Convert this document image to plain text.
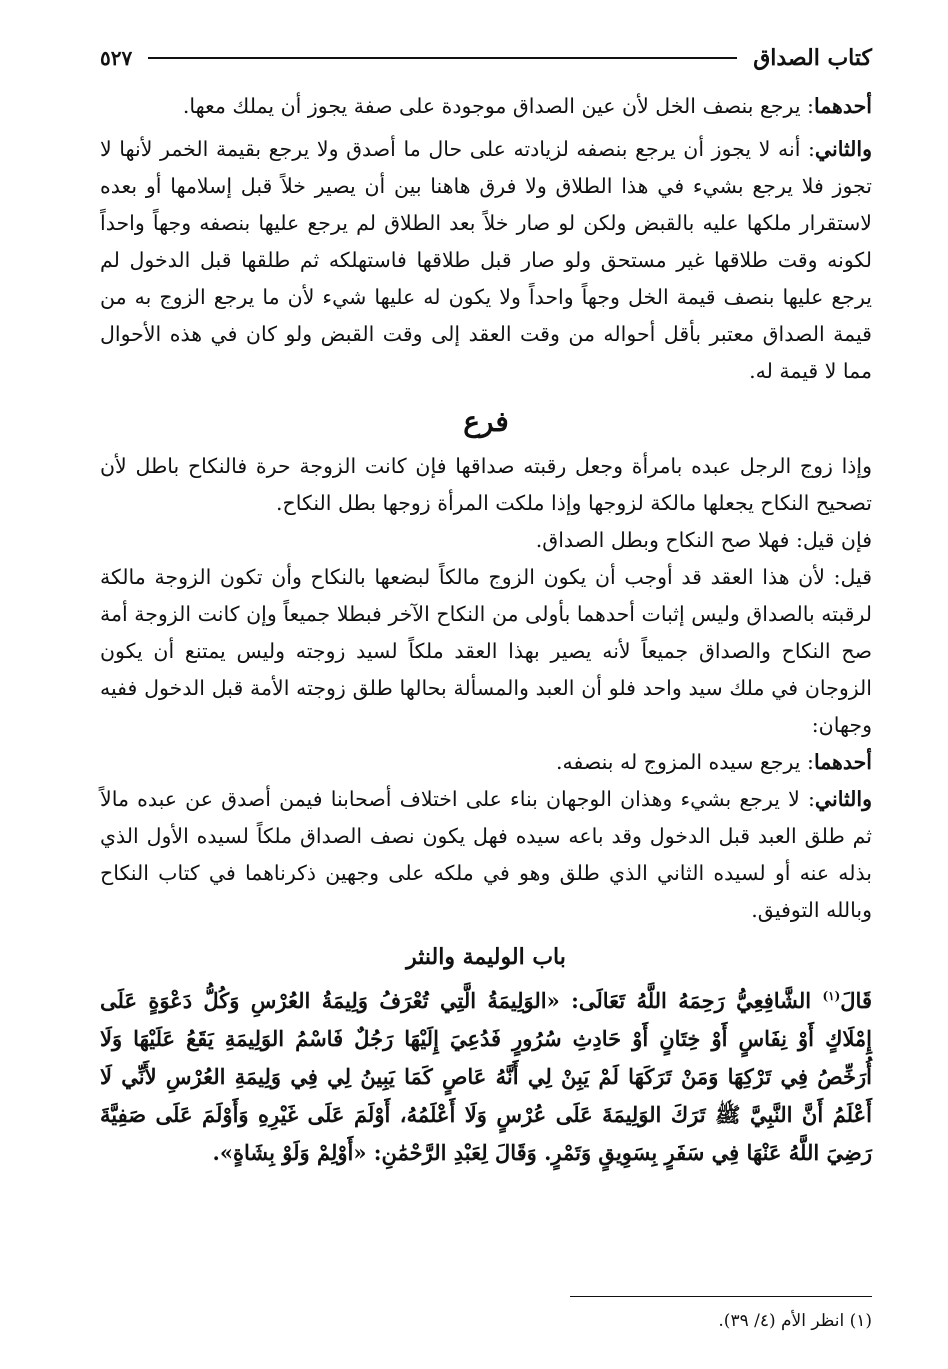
كتاب الصداق
٥٢٧

أحدهما: يرجع بنصف الخل لأن عين الصداق موجودة على صفة يجوز أن يملك معها.

والثاني: أنه لا يجوز أن يرجع بنصفه لزيادته على حال ما أصدق ولا يرجع بقيمة الخمر لأنها لا تجوز فلا يرجع بشيء في هذا الطلاق ولا فرق هاهنا بين أن يصير خلاً قبل إسلامها أو بعده لاستقرار ملكها عليه بالقبض ولكن لو صار خلاً بعد الطلاق لم يرجع عليها بنصفه وجهاً واحداً لكونه وقت طلاقها غير مستحق ولو صار قبل طلاقها فاستهلكه ثم طلقها قبل الدخول لم يرجع عليها بنصف قيمة الخل وجهاً واحداً ولا يكون له عليها شيء لأن ما يرجع الزوج به من قيمة الصداق معتبر بأقل أحواله من وقت العقد إلى وقت القبض ولو كان في هذه الأحوال مما لا قيمة له.

فرع

وإذا زوج الرجل عبده بامرأة وجعل رقبته صداقها فإن كانت الزوجة حرة فالنكاح باطل لأن تصحيح النكاح يجعلها مالكة لزوجها وإذا ملكت المرأة زوجها بطل النكاح.

فإن قيل: فهلا صح النكاح وبطل الصداق.

قيل: لأن هذا العقد قد أوجب أن يكون الزوج مالكاً لبضعها بالنكاح وأن تكون الزوجة مالكة لرقبته بالصداق وليس إثبات أحدهما بأولى من النكاح الآخر فبطلا جميعاً وإن كانت الزوجة أمة صح النكاح والصداق جميعاً لأنه يصير بهذا العقد ملكاً لسيد زوجته وليس يمتنع أن يكون الزوجان في ملك سيد واحد فلو أن العبد والمسألة بحالها طلق زوجته الأمة قبل الدخول ففيه وجهان:

أحدهما: يرجع سيده المزوج له بنصفه.

والثاني: لا يرجع بشيء وهذان الوجهان بناء على اختلاف أصحابنا فيمن أصدق عن عبده مالاً ثم طلق العبد قبل الدخول وقد باعه سيده فهل يكون نصف الصداق ملكاً لسيده الأول الذي بذله عنه أو لسيده الثاني الذي طلق وهو في ملكه على وجهين ذكرناهما في كتاب النكاح وبالله التوفيق.

باب الوليمة والنثر

قَالَ$^{(١)}$ الشَّافِعِيُّ رَحِمَهُ اللَّهُ تَعَالَى: «الوَلِيمَةُ الَّتِي تُعْرَفُ وَلِيمَةُ العُرْسِ وَكُلُّ دَعْوَةٍ عَلَى إِمْلَاكٍ أَوْ نِفَاسٍ أَوْ خِتَانٍ أَوْ حَادِثِ سُرُورٍ فَدُعِيَ إِلَيْهَا رَجُلٌ فَاسْمُ الوَلِيمَةِ يَقَعُ عَلَيْهَا وَلَا أُرَخِّصُ فِي تَرْكِهَا وَمَنْ تَرَكَهَا لَمْ يَبِنْ لِي أَنَّهُ عَاصٍ كَمَا يَبِينُ لِي فِي وَلِيمَةِ العُرْسِ لأَنِّي لَا أَعْلَمُ أَنَّ النَّبِيَّ ﷺ تَرَكَ الوَلِيمَةَ عَلَى عُرْسٍ وَلَا أَعْلَمُهُ، أَوْلَمَ عَلَى غَيْرِهِ وَأَوْلَمَ عَلَى صَفِيَّةَ رَضِيَ اللَّهُ عَنْهَا فِي سَفَرٍ بِسَوِيقٍ وَتَمْرٍ. وَقَالَ لِعَبْدِ الرَّحْمَٰنِ: «أَوْلِمْ وَلَوْ بِشَاةٍ».

(١) انظر الأم (٤/ ٣٩).
